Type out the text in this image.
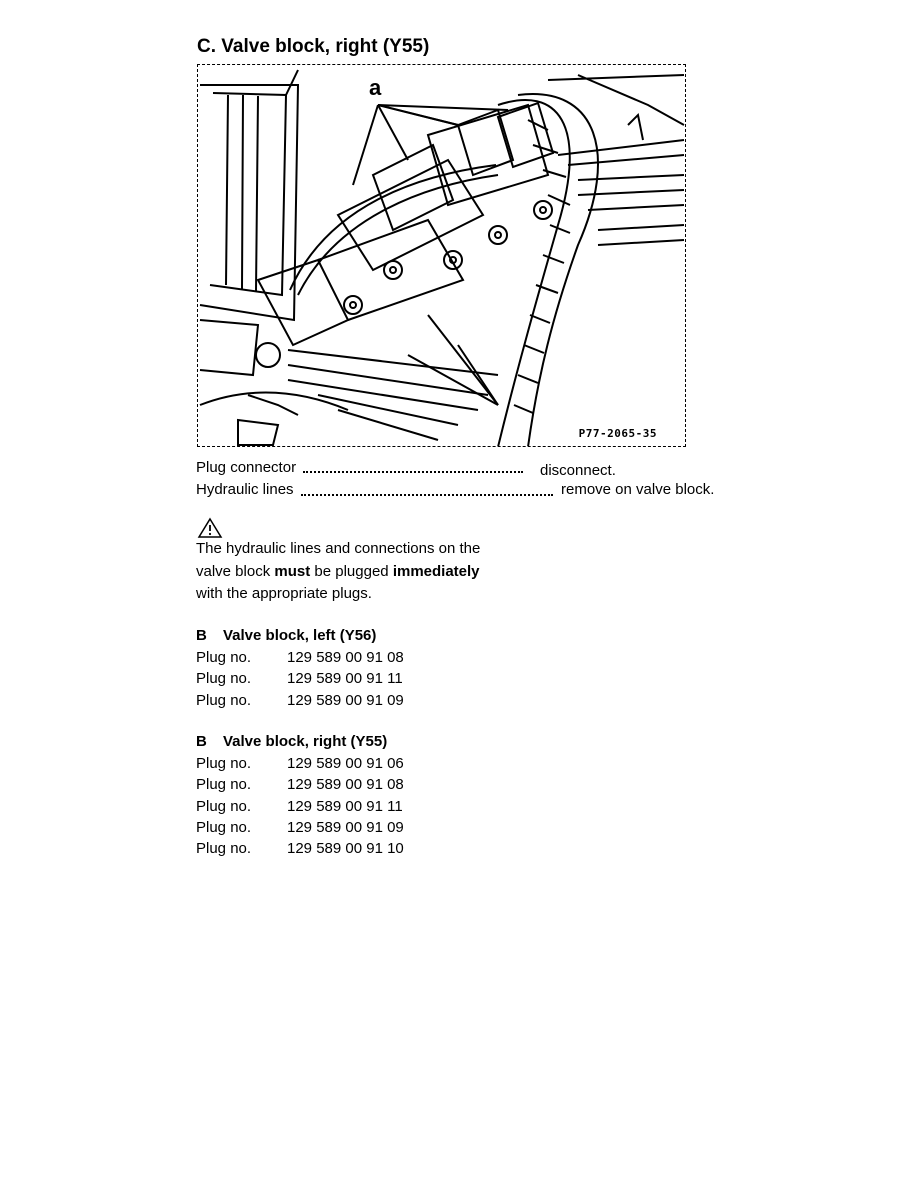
C. Valve block, right (Y55)
a
P77-2065-35
Plug connector	disconnect.
Hydraulic lines	remove on valve block.
The hydraulic lines and connections on the
valve block must be plugged immediately
with the appropriate plugs.
B Valve block, left (Y56)
Plug no.	129 589 00 91 08
Plug no.	129 589 00 91 11
Plug no.	129 589 00 91 09
B Valve block, right (Y55)
Plug no.	129 589 00 91 06
Plug no.	129 589 00 91 08
Plug no.	129 589 00 91 11
Plug no.	129 589 00 91 09
Plug no.	129 589 00 91 10
